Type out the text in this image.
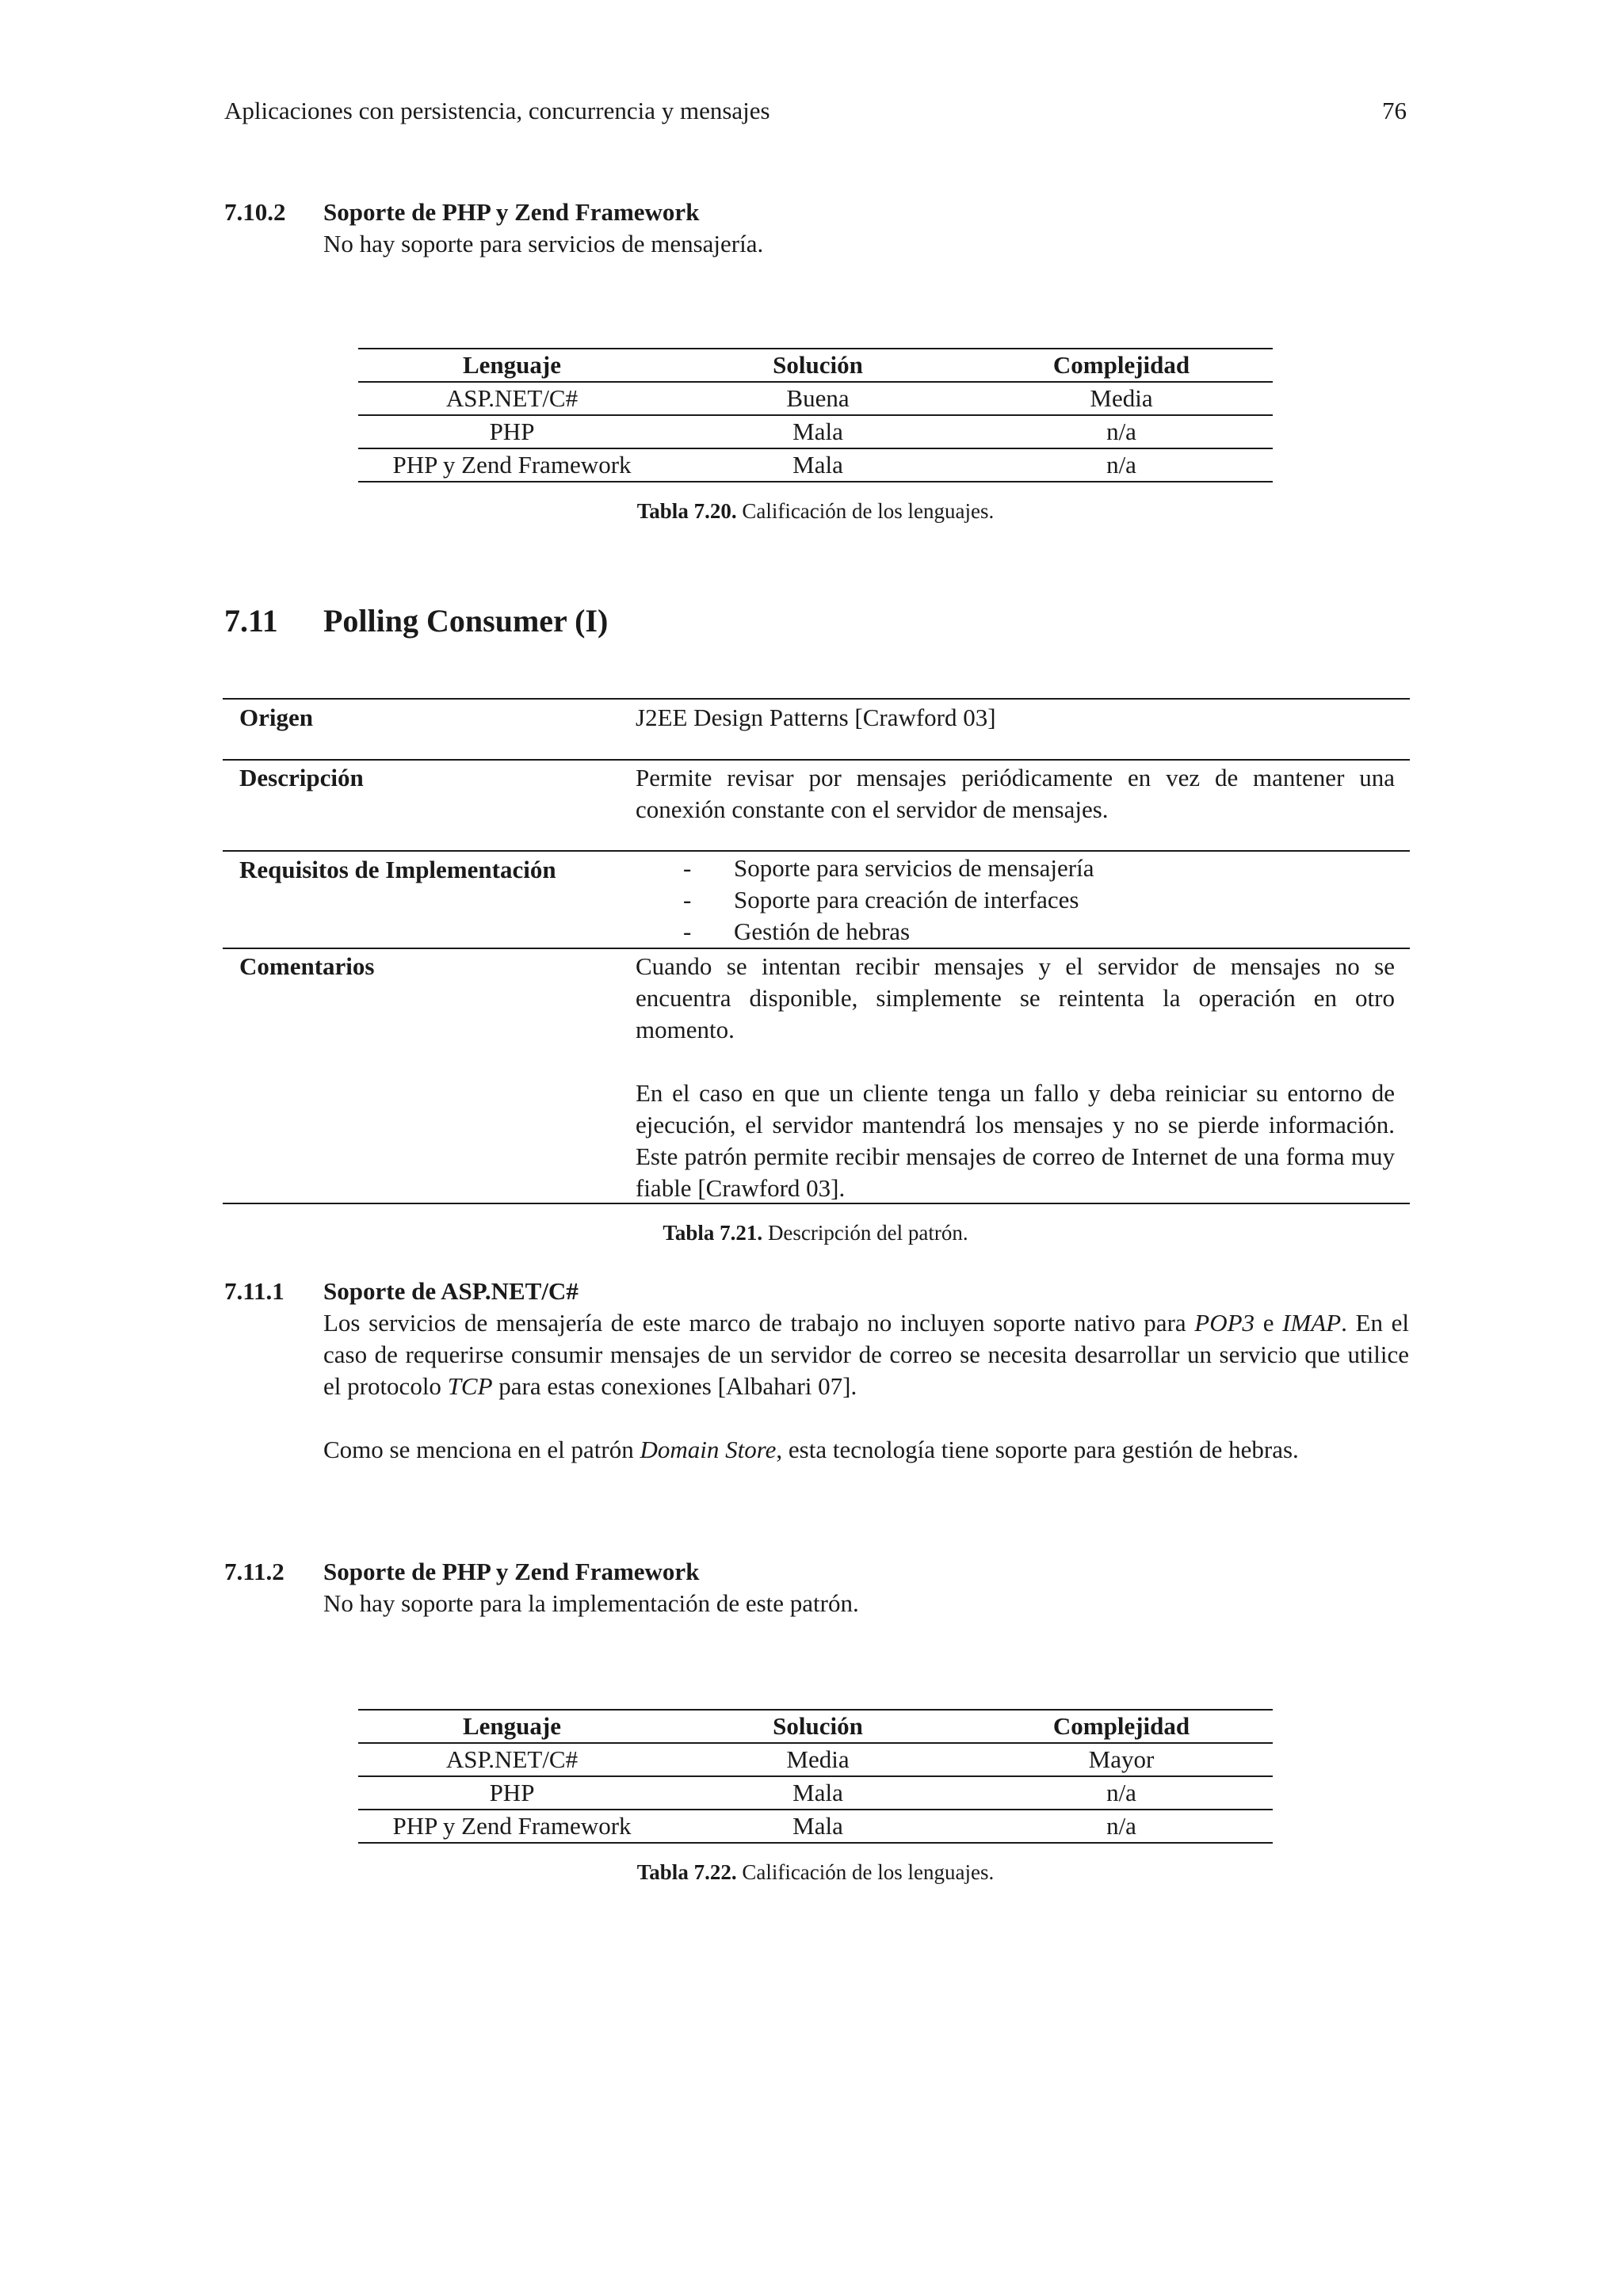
Aplicaciones con persistencia, concurrencia y mensajes	76
7.10.2 Soporte de PHP y Zend Framework
No hay soporte para servicios de mensajería.
Lenguaje	Solución	Complejidad
ASP.NET/C#	Buena	Media
PHP	Mala	n/a
PHP y Zend Framework	Mala	n/a
Tabla 7.20. Calificación de los lenguajes.
7.11 Polling Consumer (I)
Origen	J2EE Design Patterns [Crawford 03]
Descripción	Permite revisar por mensajes periódicamente en vez de mantener una conexión constante con el servidor de mensajes.
Requisitos de Implementación	- Soporte para servicios de mensajería
- Soporte para creación de interfaces
- Gestión de hebras
Comentarios	Cuando se intentan recibir mensajes y el servidor de mensajes no se encuentra disponible, simplemente se reintenta la operación en otro momento.
En el caso en que un cliente tenga un fallo y deba reiniciar su entorno de ejecución, el servidor mantendrá los mensajes y no se pierde información. Este patrón permite recibir mensajes de correo de Internet de una forma muy fiable [Crawford 03].
Tabla 7.21. Descripción del patrón.
7.11.1 Soporte de ASP.NET/C#
Los servicios de mensajería de este marco de trabajo no incluyen soporte nativo para POP3 e IMAP. En el caso de requerirse consumir mensajes de un servidor de correo se necesita desarrollar un servicio que utilice el protocolo TCP para estas conexiones [Albahari 07].
Como se menciona en el patrón Domain Store, esta tecnología tiene soporte para gestión de hebras.
7.11.2 Soporte de PHP y Zend Framework
No hay soporte para la implementación de este patrón.
Lenguaje	Solución	Complejidad
ASP.NET/C#	Media	Mayor
PHP	Mala	n/a
PHP y Zend Framework	Mala	n/a
Tabla 7.22. Calificación de los lenguajes.
